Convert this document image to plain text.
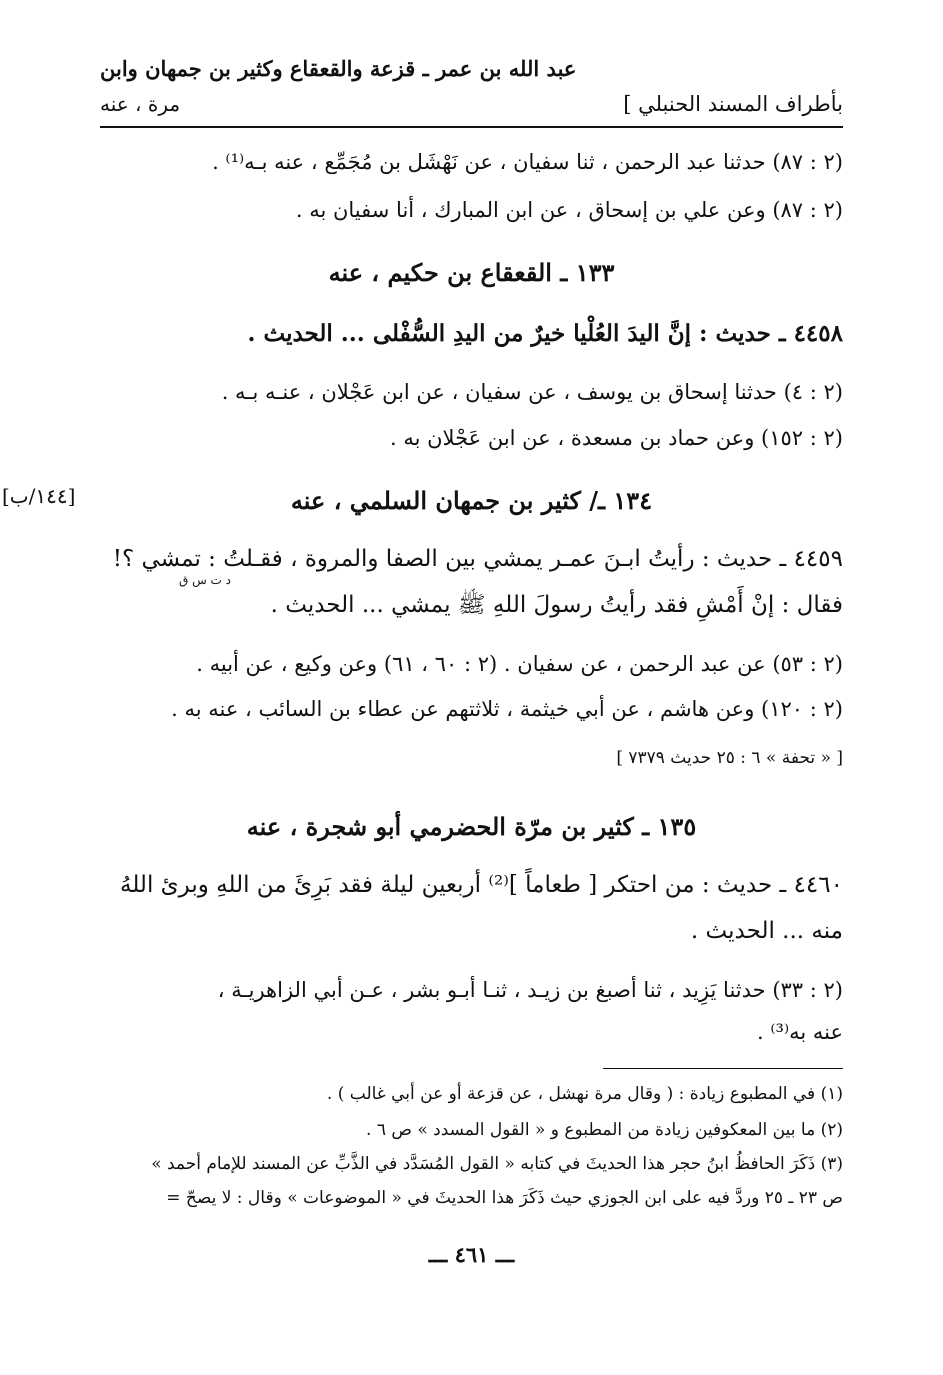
بأطراف المسند الحنبلي ]
عبد الله بن عمر ـ قزعة والقعقاع وكثير بن جمهان وابن
مرة ، عنه
(٢ : ٨٧) حدثنا عبد الرحمن ، ثنا سفيان ، عن نَهْشَل بن مُجَمِّع ، عنه بـه⁽¹⁾ .
(٢ : ٨٧) وعن علي بن إسحاق ، عن ابن المبارك ، أنا سفيان به .
١٣٣ ـ القعقاع بن حكيم ، عنه
٤٤٥٨ ـ حديث : إنَّ اليدَ العُلْيا خيرٌ من اليدِ السُّفْلى ... الحديث .
(٢ : ٤) حدثنا إسحاق بن يوسف ، عن سفيان ، عن ابن عَجْلان ، عنـه بـه .
(٢ : ١٥٢) وعن حماد بن مسعدة ، عن ابن عَجْلان به .
[١٤٤/ب]	١٣٤ ـ/ كثير بن جمهان السلمي ، عنه
٤٤٥٩ ـ حديث : رأيتُ ابـنَ عمـر يمشي بين الصفا والمروة ، فقـلتُ : تمشي ؟!
د ت س ق
فقال : إنْ أَمْشِ فقد رأيتُ رسولَ اللهِ ﷺ يمشي ... الحديث .
(٢ : ٥٣) عن عبد الرحمن ، عن سفيان . (٢ : ٦٠ ، ٦١) وعن وكيع ، عن أبيه .
(٢ : ١٢٠) وعن هاشم ، عن أبي خيثمة ، ثلاثتهم عن عطاء بن السائب ، عنه به .
[ « تحفة » ٦ : ٢٥ حديث ٧٣٧٩ ]
١٣٥ ـ كثير بن مرّة الحضرمي أبو شجرة ، عنه
٤٤٦٠ ـ حديث : من احتكر [ طعاماً ]⁽²⁾ أربعين ليلة فقد بَرِئَ من اللهِ وبرئ اللهُ
منه ... الحديث .
(٢ : ٣٣) حدثنا يَزِيد ، ثنا أصبغ بن زيـد ، ثنـا أبـو بشر ، عـن أبي الزاهريـة ،
عنه به⁽³⁾ .
(١) في المطبوع زيادة : ( وقال مرة نهشل ، عن قزعة أو عن أبي غالب ) .
(٢) ما بين المعكوفين زيادة من المطبوع و « القول المسدد » ص ٦ .
(٣) ذَكَرَ الحافظُ ابنُ حجر هذا الحديثَ في كتابه « القول المُسَدَّد في الذَّبِّ عن المسند للإمام أحمد »
ص ٢٣ ـ ٢٥ وردَّ فيه على ابن الجوزي حيث ذَكَرَ هذا الحديثَ في « الموضوعات » وقال : لا يصحّ =
ـــ ٤٦١ ـــ
